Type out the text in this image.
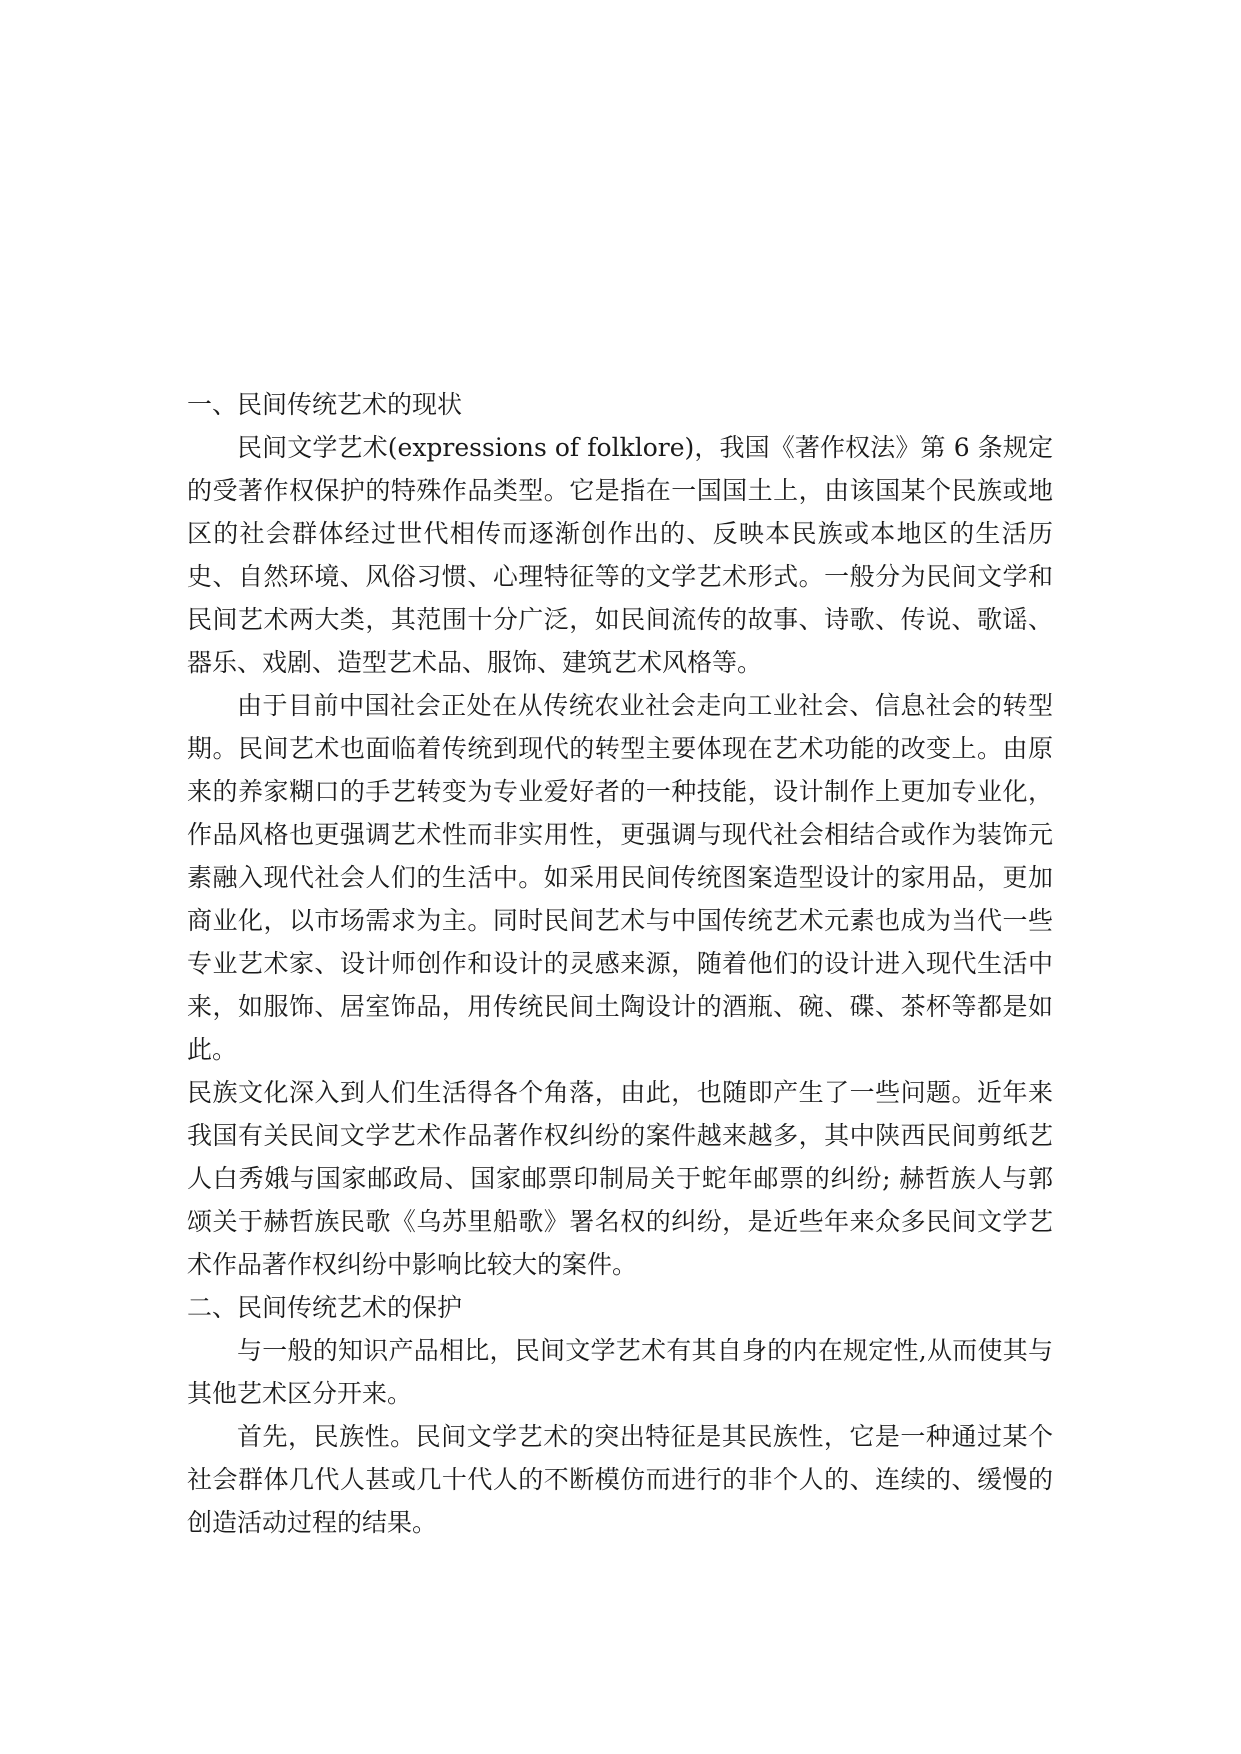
一、民间传统艺术的现状

民间文学艺术(expressions of folklore)，我国《著作权法》第 6 条规定的受著作权保护的特殊作品类型。它是指在一国国土上，由该国某个民族或地区的社会群体经过世代相传而逐渐创作出的、反映本民族或本地区的生活历史、自然环境、风俗习惯、心理特征等的文学艺术形式。一般分为民间文学和民间艺术两大类，其范围十分广泛，如民间流传的故事、诗歌、传说、歌谣、器乐、戏剧、造型艺术品、服饰、建筑艺术风格等。

由于目前中国社会正处在从传统农业社会走向工业社会、信息社会的转型期。民间艺术也面临着传统到现代的转型主要体现在艺术功能的改变上。由原来的养家糊口的手艺转变为专业爱好者的一种技能，设计制作上更加专业化，作品风格也更强调艺术性而非实用性，更强调与现代社会相结合或作为装饰元素融入现代社会人们的生活中。如采用民间传统图案造型设计的家用品，更加商业化，以市场需求为主。同时民间艺术与中国传统艺术元素也成为当代一些专业艺术家、设计师创作和设计的灵感来源，随着他们的设计进入现代生活中来，如服饰、居室饰品，用传统民间土陶设计的酒瓶、碗、碟、茶杯等都是如此。

民族文化深入到人们生活得各个角落，由此，也随即产生了一些问题。近年来我国有关民间文学艺术作品著作权纠纷的案件越来越多，其中陕西民间剪纸艺人白秀娥与国家邮政局、国家邮票印制局关于蛇年邮票的纠纷; 赫哲族人与郭颂关于赫哲族民歌《乌苏里船歌》署名权的纠纷，是近些年来众多民间文学艺术作品著作权纠纷中影响比较大的案件。

二、民间传统艺术的保护

与一般的知识产品相比，民间文学艺术有其自身的内在规定性,从而使其与其他艺术区分开来。

首先，民族性。民间文学艺术的突出特征是其民族性，它是一种通过某个社会群体几代人甚或几十代人的不断模仿而进行的非个人的、连续的、缓慢的创造活动过程的结果。
